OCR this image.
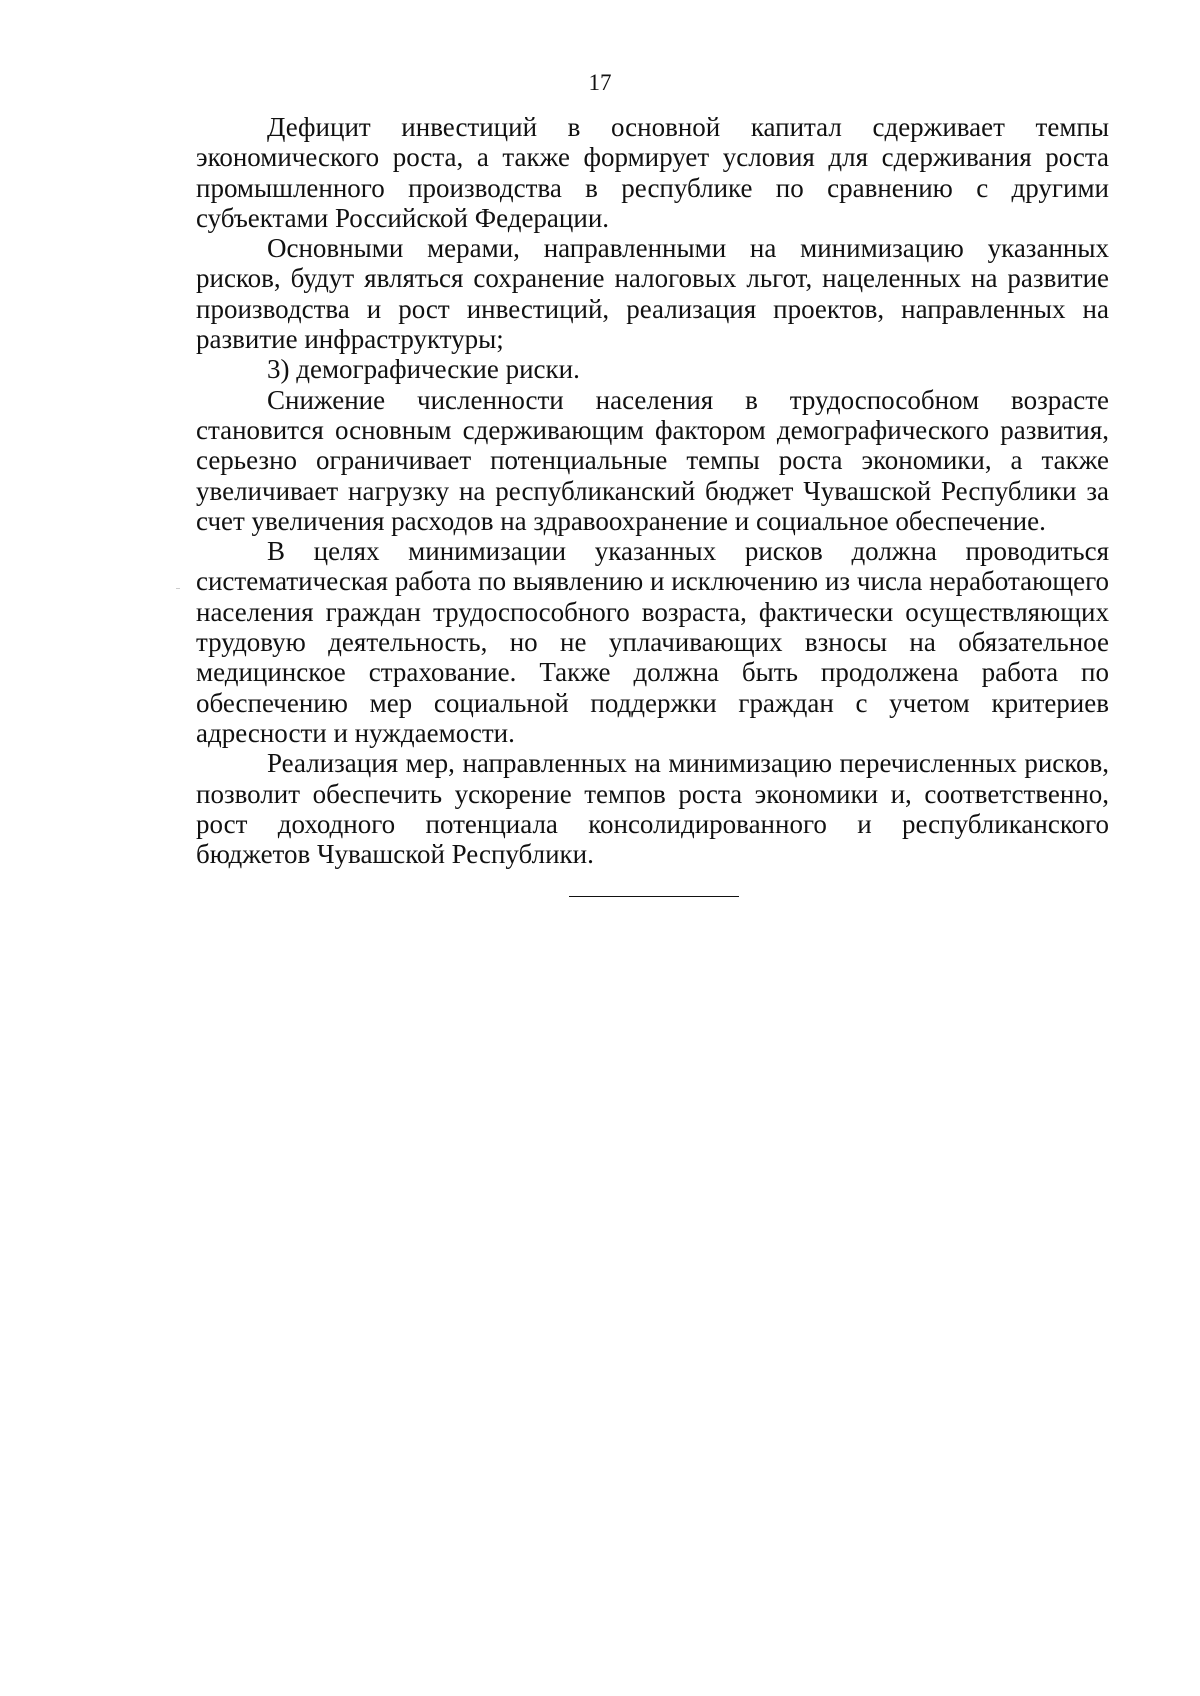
17

Дефицит инвестиций в основной капитал сдерживает темпы экономического роста, а также формирует условия для сдерживания роста промышленного производства в республике по сравнению с другими субъектами Российской Федерации.

Основными мерами, направленными на минимизацию указанных рисков, будут являться сохранение налоговых льгот, нацеленных на развитие производства и рост инвестиций, реализация проектов, направленных на развитие инфраструктуры;

3) демографические риски.

Снижение численности населения в трудоспособном возрасте становится основным сдерживающим фактором демографического развития, серьезно ограничивает потенциальные темпы роста экономики, а также увеличивает нагрузку на республиканский бюджет Чувашской Республики за счет увеличения расходов на здравоохранение и социальное обеспечение.

В целях минимизации указанных рисков должна проводиться систематическая работа по выявлению и исключению из числа неработающего населения граждан трудоспособного возраста, фактически осуществляющих трудовую деятельность, но не уплачивающих взносы на обязательное медицинское страхование. Также должна быть продолжена работа по обеспечению мер социальной поддержки граждан с учетом критериев адресности и нуждаемости.

Реализация мер, направленных на минимизацию перечисленных рисков, позволит обеспечить ускорение темпов роста экономики и, соответственно, рост доходного потенциала консолидированного и республиканского бюджетов Чувашской Республики.
